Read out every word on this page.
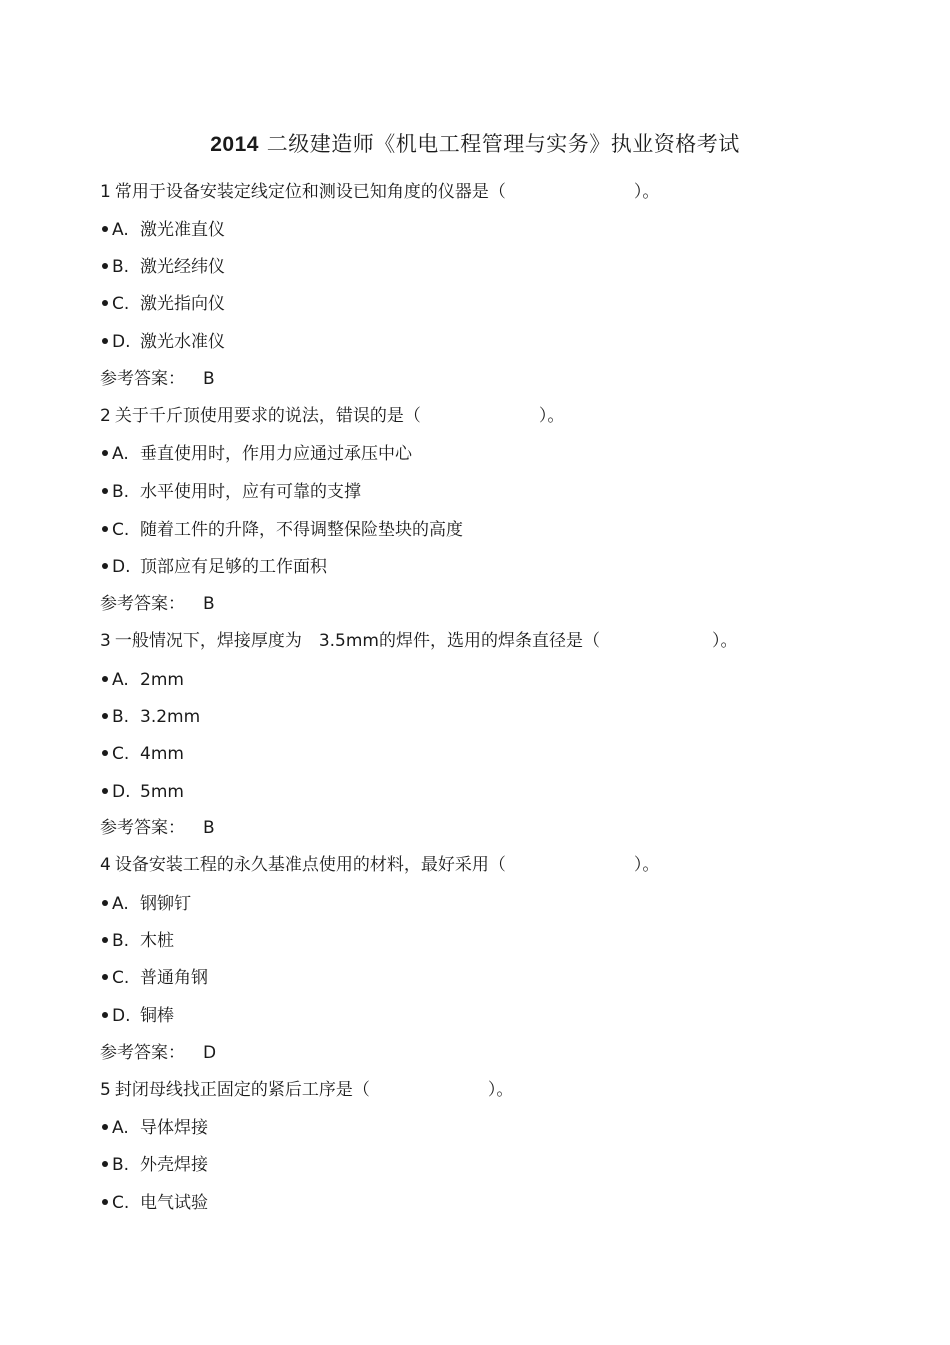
2014 二级建造师《机电工程管理与实务》执业资格考试
1 常用于设备安装定线定位和测设已知角度的仪器是（	）。
A. 激光准直仪
B. 激光经纬仪
C. 激光指向仪
D. 激光水准仪
参考答案： B
2 关于千斤顶使用要求的说法，错误的是（	）。
A. 垂直使用时，作用力应通过承压中心
B. 水平使用时，应有可靠的支撑
C. 随着工件的升降，不得调整保险垫块的高度
D. 顶部应有足够的工作面积
参考答案： B
3 一般情况下，焊接厚度为　3.5mm的焊件，选用的焊条直径是（	）。
A. 2mm
B. 3.2mm
C. 4mm
D. 5mm
参考答案： B
4 设备安装工程的永久基准点使用的材料，最好采用（	）。
A. 钢铆钉
B. 木桩
C. 普通角钢
D. 铜棒
参考答案： D
5 封闭母线找正固定的紧后工序是（	）。
A. 导体焊接
B. 外壳焊接
C. 电气试验
